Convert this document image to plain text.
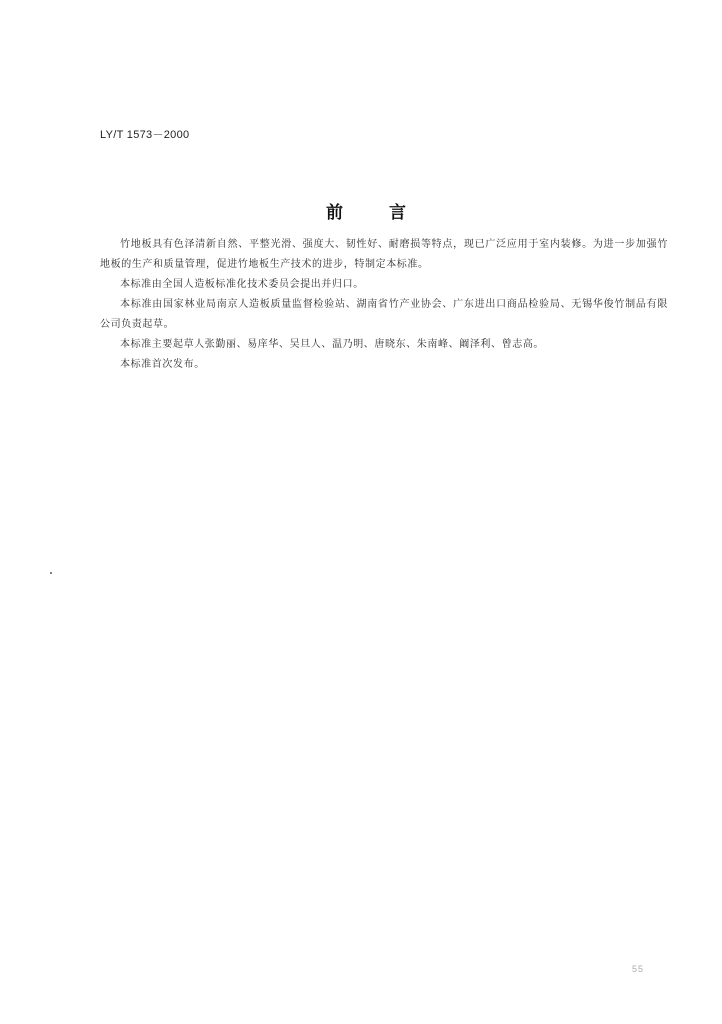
LY/T 1573－2000
前言

竹地板具有色泽清新自然、平整光滑、强度大、韧性好、耐磨损等特点，现已广泛应用于室内装修。为进一步加强竹地板的生产和质量管理，促进竹地板生产技术的进步，特制定本标准。

本标准由全国人造板标准化技术委员会提出并归口。

本标准由国家林业局南京人造板质量监督检验站、湖南省竹产业协会、广东进出口商品检验局、无锡华俊竹制品有限公司负责起草。

本标准主要起草人张勤丽、易庠华、吴旦人、温乃明、唐晓东、朱南峰、阚泽利、曾志高。

本标准首次发布。

55
